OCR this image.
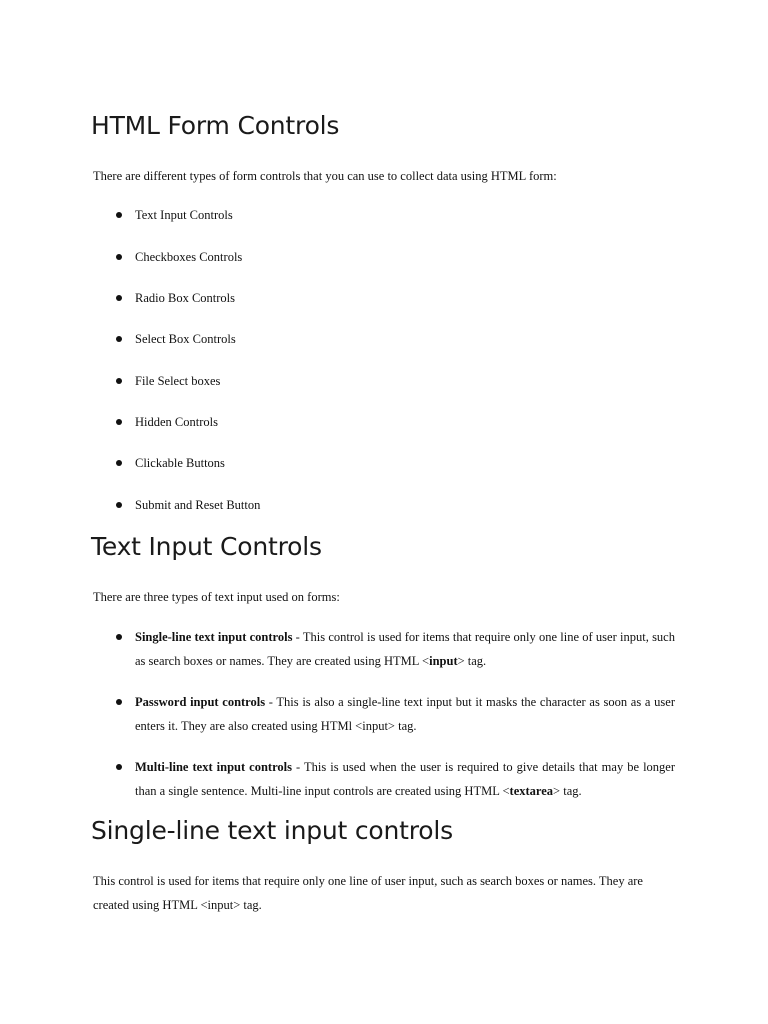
HTML Form Controls

There are different types of form controls that you can use to collect data using HTML form:

Text Input Controls

Checkboxes Controls

Radio Box Controls

Select Box Controls

File Select boxes

Hidden Controls

Clickable Buttons

Submit and Reset Button

Text Input Controls

There are three types of text input used on forms:

Single-line text input controls - This control is used for items that require only one line of user input, such as search boxes or names. They are created using HTML <input> tag.

Password input controls - This is also a single-line text input but it masks the character as soon as a user enters it. They are also created using HTMl <input> tag.

Multi-line text input controls - This is used when the user is required to give details that may be longer than a single sentence. Multi-line input controls are created using HTML <textarea> tag.

Single-line text input controls

This control is used for items that require only one line of user input, such as search boxes or names. They are created using HTML <input> tag.
